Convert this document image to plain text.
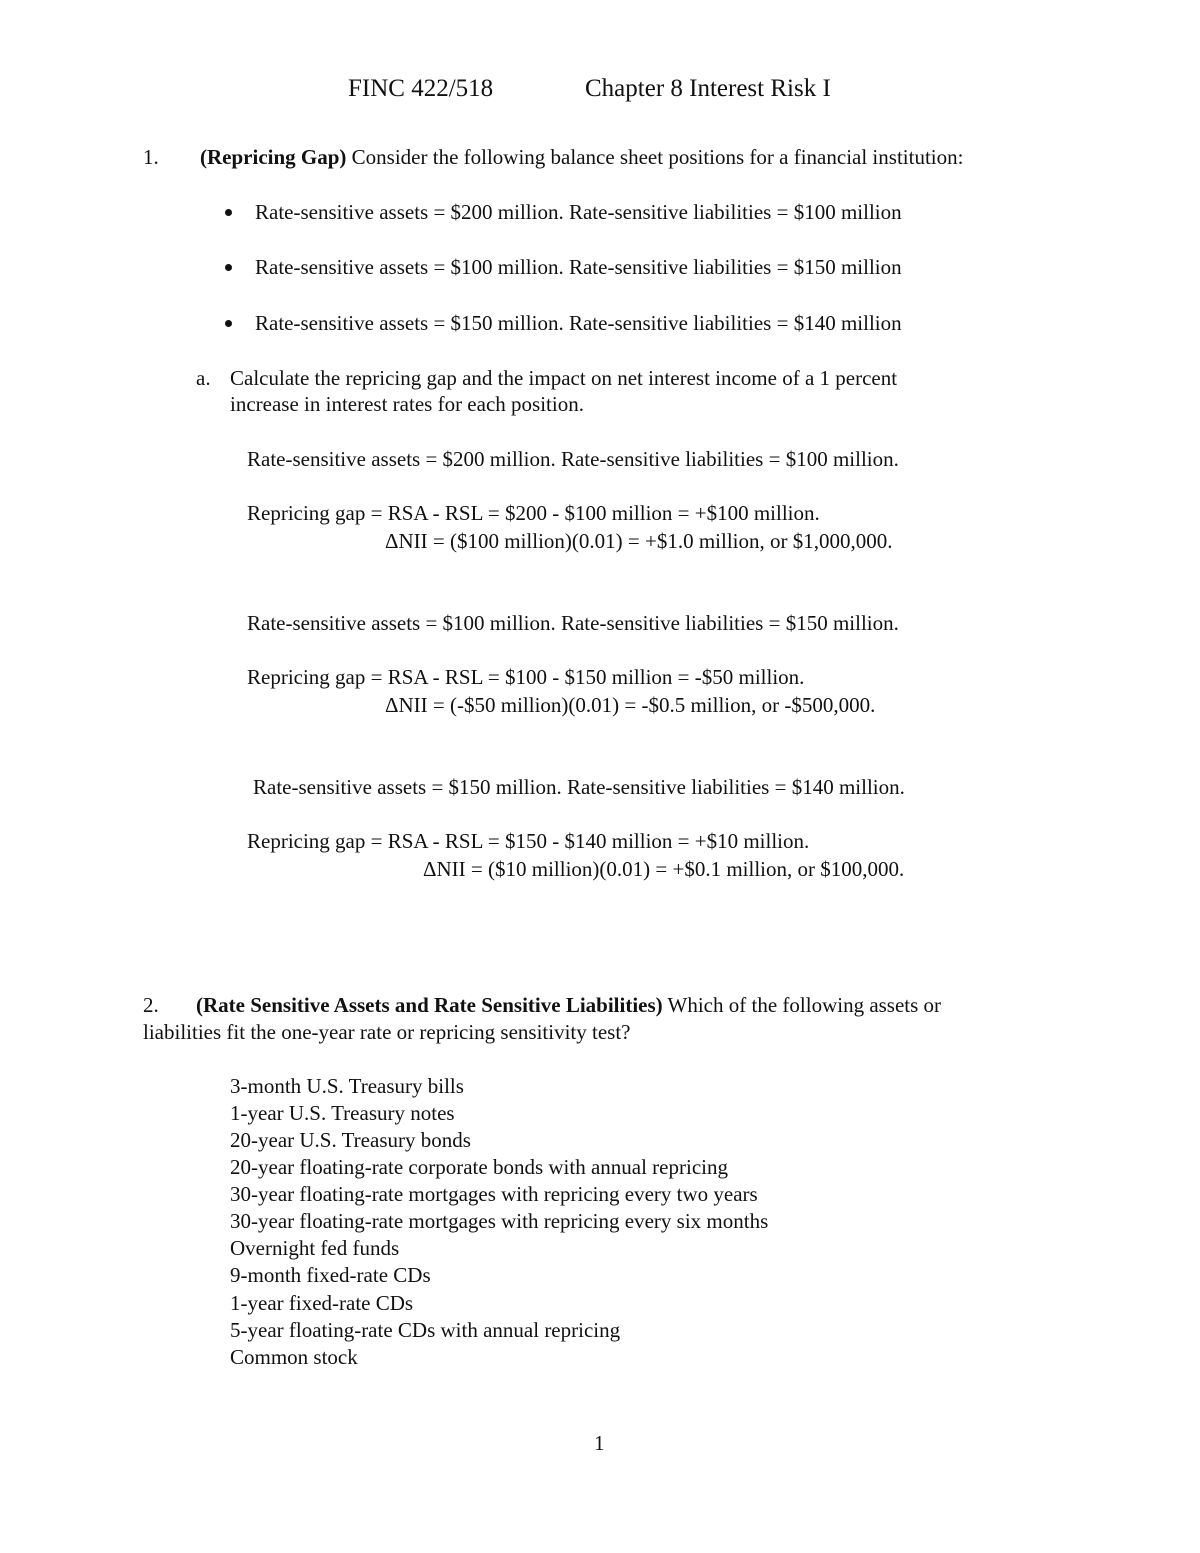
FINC 422/518	Chapter 8 Interest Risk I
1. (Repricing Gap) Consider the following balance sheet positions for a financial institution:
Rate-sensitive assets = $200 million. Rate-sensitive liabilities = $100 million
Rate-sensitive assets = $100 million. Rate-sensitive liabilities = $150 million
Rate-sensitive assets = $150 million. Rate-sensitive liabilities = $140 million
a. Calculate the repricing gap and the impact on net interest income of a 1 percent
increase in interest rates for each position.
Rate-sensitive assets = $200 million. Rate-sensitive liabilities = $100 million.
Repricing gap = RSA - RSL = $200 - $100 million = +$100 million.
ΔNII = ($100 million)(0.01) = +$1.0 million, or $1,000,000.
Rate-sensitive assets = $100 million. Rate-sensitive liabilities = $150 million.
Repricing gap = RSA - RSL = $100 - $150 million = -$50 million.
ΔNII = (-$50 million)(0.01) = -$0.5 million, or -$500,000.
Rate-sensitive assets = $150 million. Rate-sensitive liabilities = $140 million.
Repricing gap = RSA - RSL = $150 - $140 million = +$10 million.
ΔNII = ($10 million)(0.01) = +$0.1 million, or $100,000.
2. (Rate Sensitive Assets and Rate Sensitive Liabilities) Which of the following assets or
liabilities fit the one-year rate or repricing sensitivity test?
3-month U.S. Treasury bills
1-year U.S. Treasury notes
20-year U.S. Treasury bonds
20-year floating-rate corporate bonds with annual repricing
30-year floating-rate mortgages with repricing every two years
30-year floating-rate mortgages with repricing every six months
Overnight fed funds
9-month fixed-rate CDs
1-year fixed-rate CDs
5-year floating-rate CDs with annual repricing
Common stock
1
